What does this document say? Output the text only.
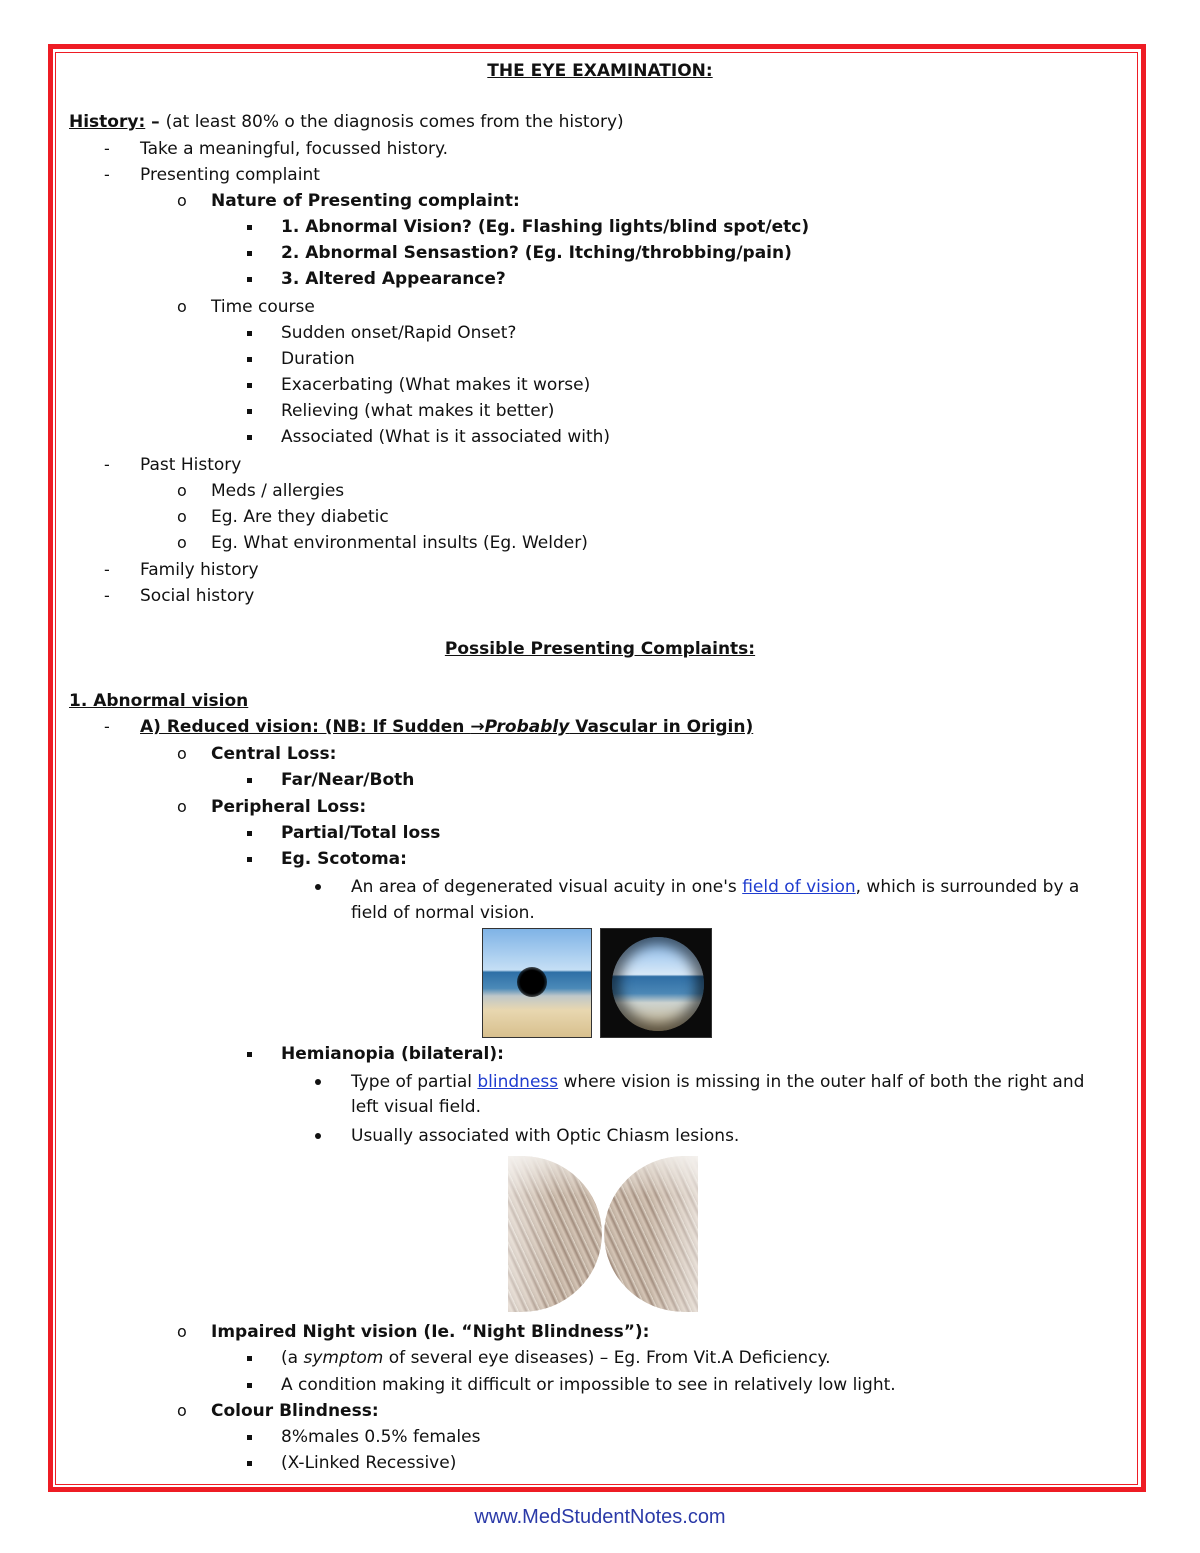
THE EYE EXAMINATION:
History: – (at least 80% o the diagnosis comes from the history)
- Take a meaningful, focussed history.
- Presenting complaint
o Nature of Presenting complaint:
1. Abnormal Vision? (Eg. Flashing lights/blind spot/etc)
2. Abnormal Sensastion? (Eg. Itching/throbbing/pain)
3. Altered Appearance?
o Time course
Sudden onset/Rapid Onset?
Duration
Exacerbating (What makes it worse)
Relieving (what makes it better)
Associated (What is it associated with)
- Past History
o Meds / allergies
o Eg. Are they diabetic
o Eg. What environmental insults (Eg. Welder)
- Family history
- Social history
Possible Presenting Complaints:
1. Abnormal vision
- A) Reduced vision: (NB: If Sudden →Probably Vascular in Origin)
o Central Loss:
Far/Near/Both
o Peripheral Loss:
Partial/Total loss
Eg. Scotoma:
An area of degenerated visual acuity in one's field of vision, which is surrounded by a
field of normal vision.
Hemianopia (bilateral):
Type of partial blindness where vision is missing in the outer half of both the right and
left visual field.
Usually associated with Optic Chiasm lesions.
o Impaired Night vision (Ie. “Night Blindness”):
(a symptom of several eye diseases) – Eg. From Vit.A Deficiency.
A condition making it difficult or impossible to see in relatively low light.
o Colour Blindness:
8%males 0.5% females
(X-Linked Recessive)
www.MedStudentNotes.com
